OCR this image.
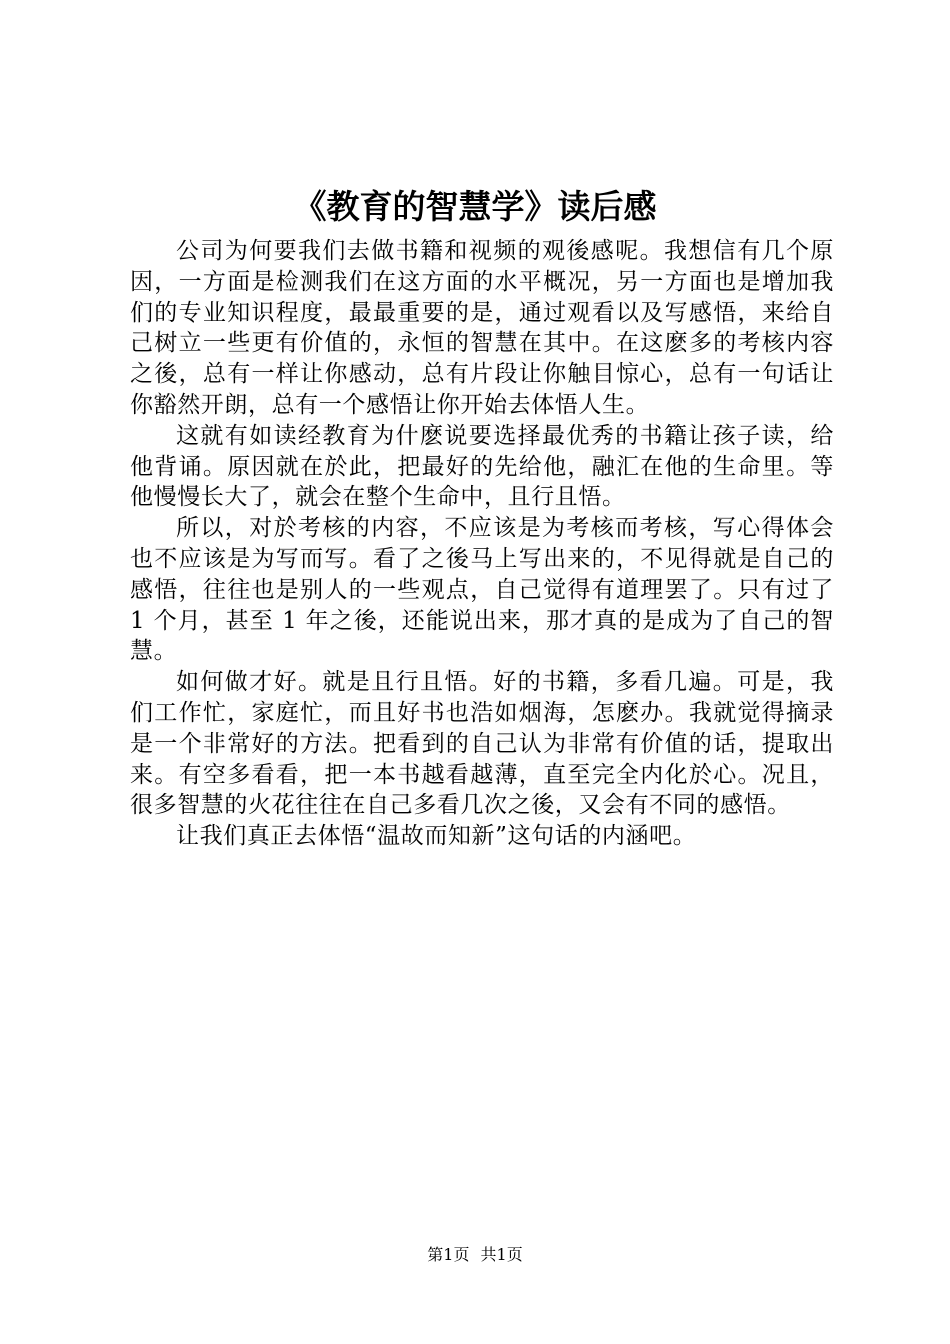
《教育的智慧学》读后感

公司为何要我们去做书籍和视频的观後感呢。我想信有几个原因，一方面是检测我们在这方面的水平概况，另一方面也是增加我们的专业知识程度，最最重要的是，通过观看以及写感悟，来给自己树立一些更有价值的，永恒的智慧在其中。在这麽多的考核内容之後，总有一样让你感动，总有片段让你触目惊心，总有一句话让你豁然开朗，总有一个感悟让你开始去体悟人生。

这就有如读经教育为什麽说要选择最优秀的书籍让孩子读，给他背诵。原因就在於此，把最好的先给他，融汇在他的生命里。等他慢慢长大了，就会在整个生命中，且行且悟。

所以，对於考核的内容，不应该是为考核而考核，写心得体会也不应该是为写而写。看了之後马上写出来的，不见得就是自己的感悟，往往也是别人的一些观点，自己觉得有道理罢了。只有过了 1 个月，甚至 1 年之後，还能说出来，那才真的是成为了自己的智慧。

如何做才好。就是且行且悟。好的书籍，多看几遍。可是，我们工作忙，家庭忙，而且好书也浩如烟海，怎麽办。我就觉得摘录是一个非常好的方法。把看到的自己认为非常有价值的话，提取出来。有空多看看，把一本书越看越薄，直至完全内化於心。况且，很多智慧的火花往往在自己多看几次之後，又会有不同的感悟。

让我们真正去体悟“温故而知新”这句话的内涵吧。

第1页 共1页
